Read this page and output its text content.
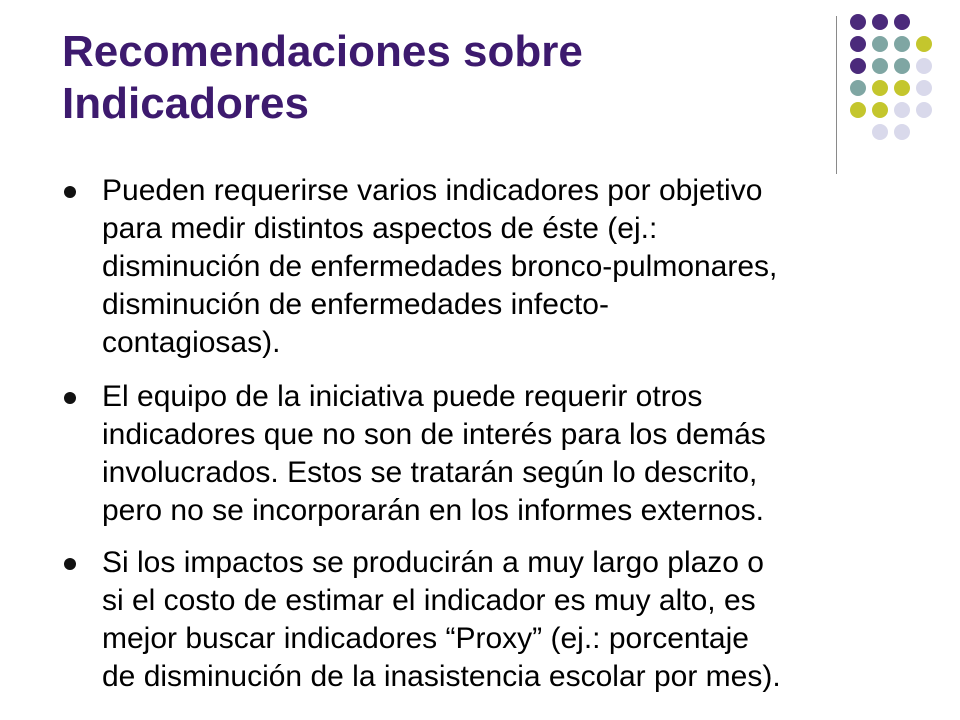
Recomendaciones sobre
Indicadores
Pueden requerirse varios indicadores por objetivo
para medir distintos aspectos de éste (ej.:
disminución de enfermedades bronco-pulmonares,
disminución de enfermedades infecto-
contagiosas).
El equipo de la iniciativa puede requerir otros
indicadores que no son de interés para los demás
involucrados. Estos se tratarán según lo descrito,
pero no se incorporarán en los informes externos.
Si los impactos se producirán a muy largo plazo o
si el costo de estimar el indicador es muy alto, es
mejor buscar indicadores “Proxy” (ej.: porcentaje
de disminución de la inasistencia escolar por mes).
